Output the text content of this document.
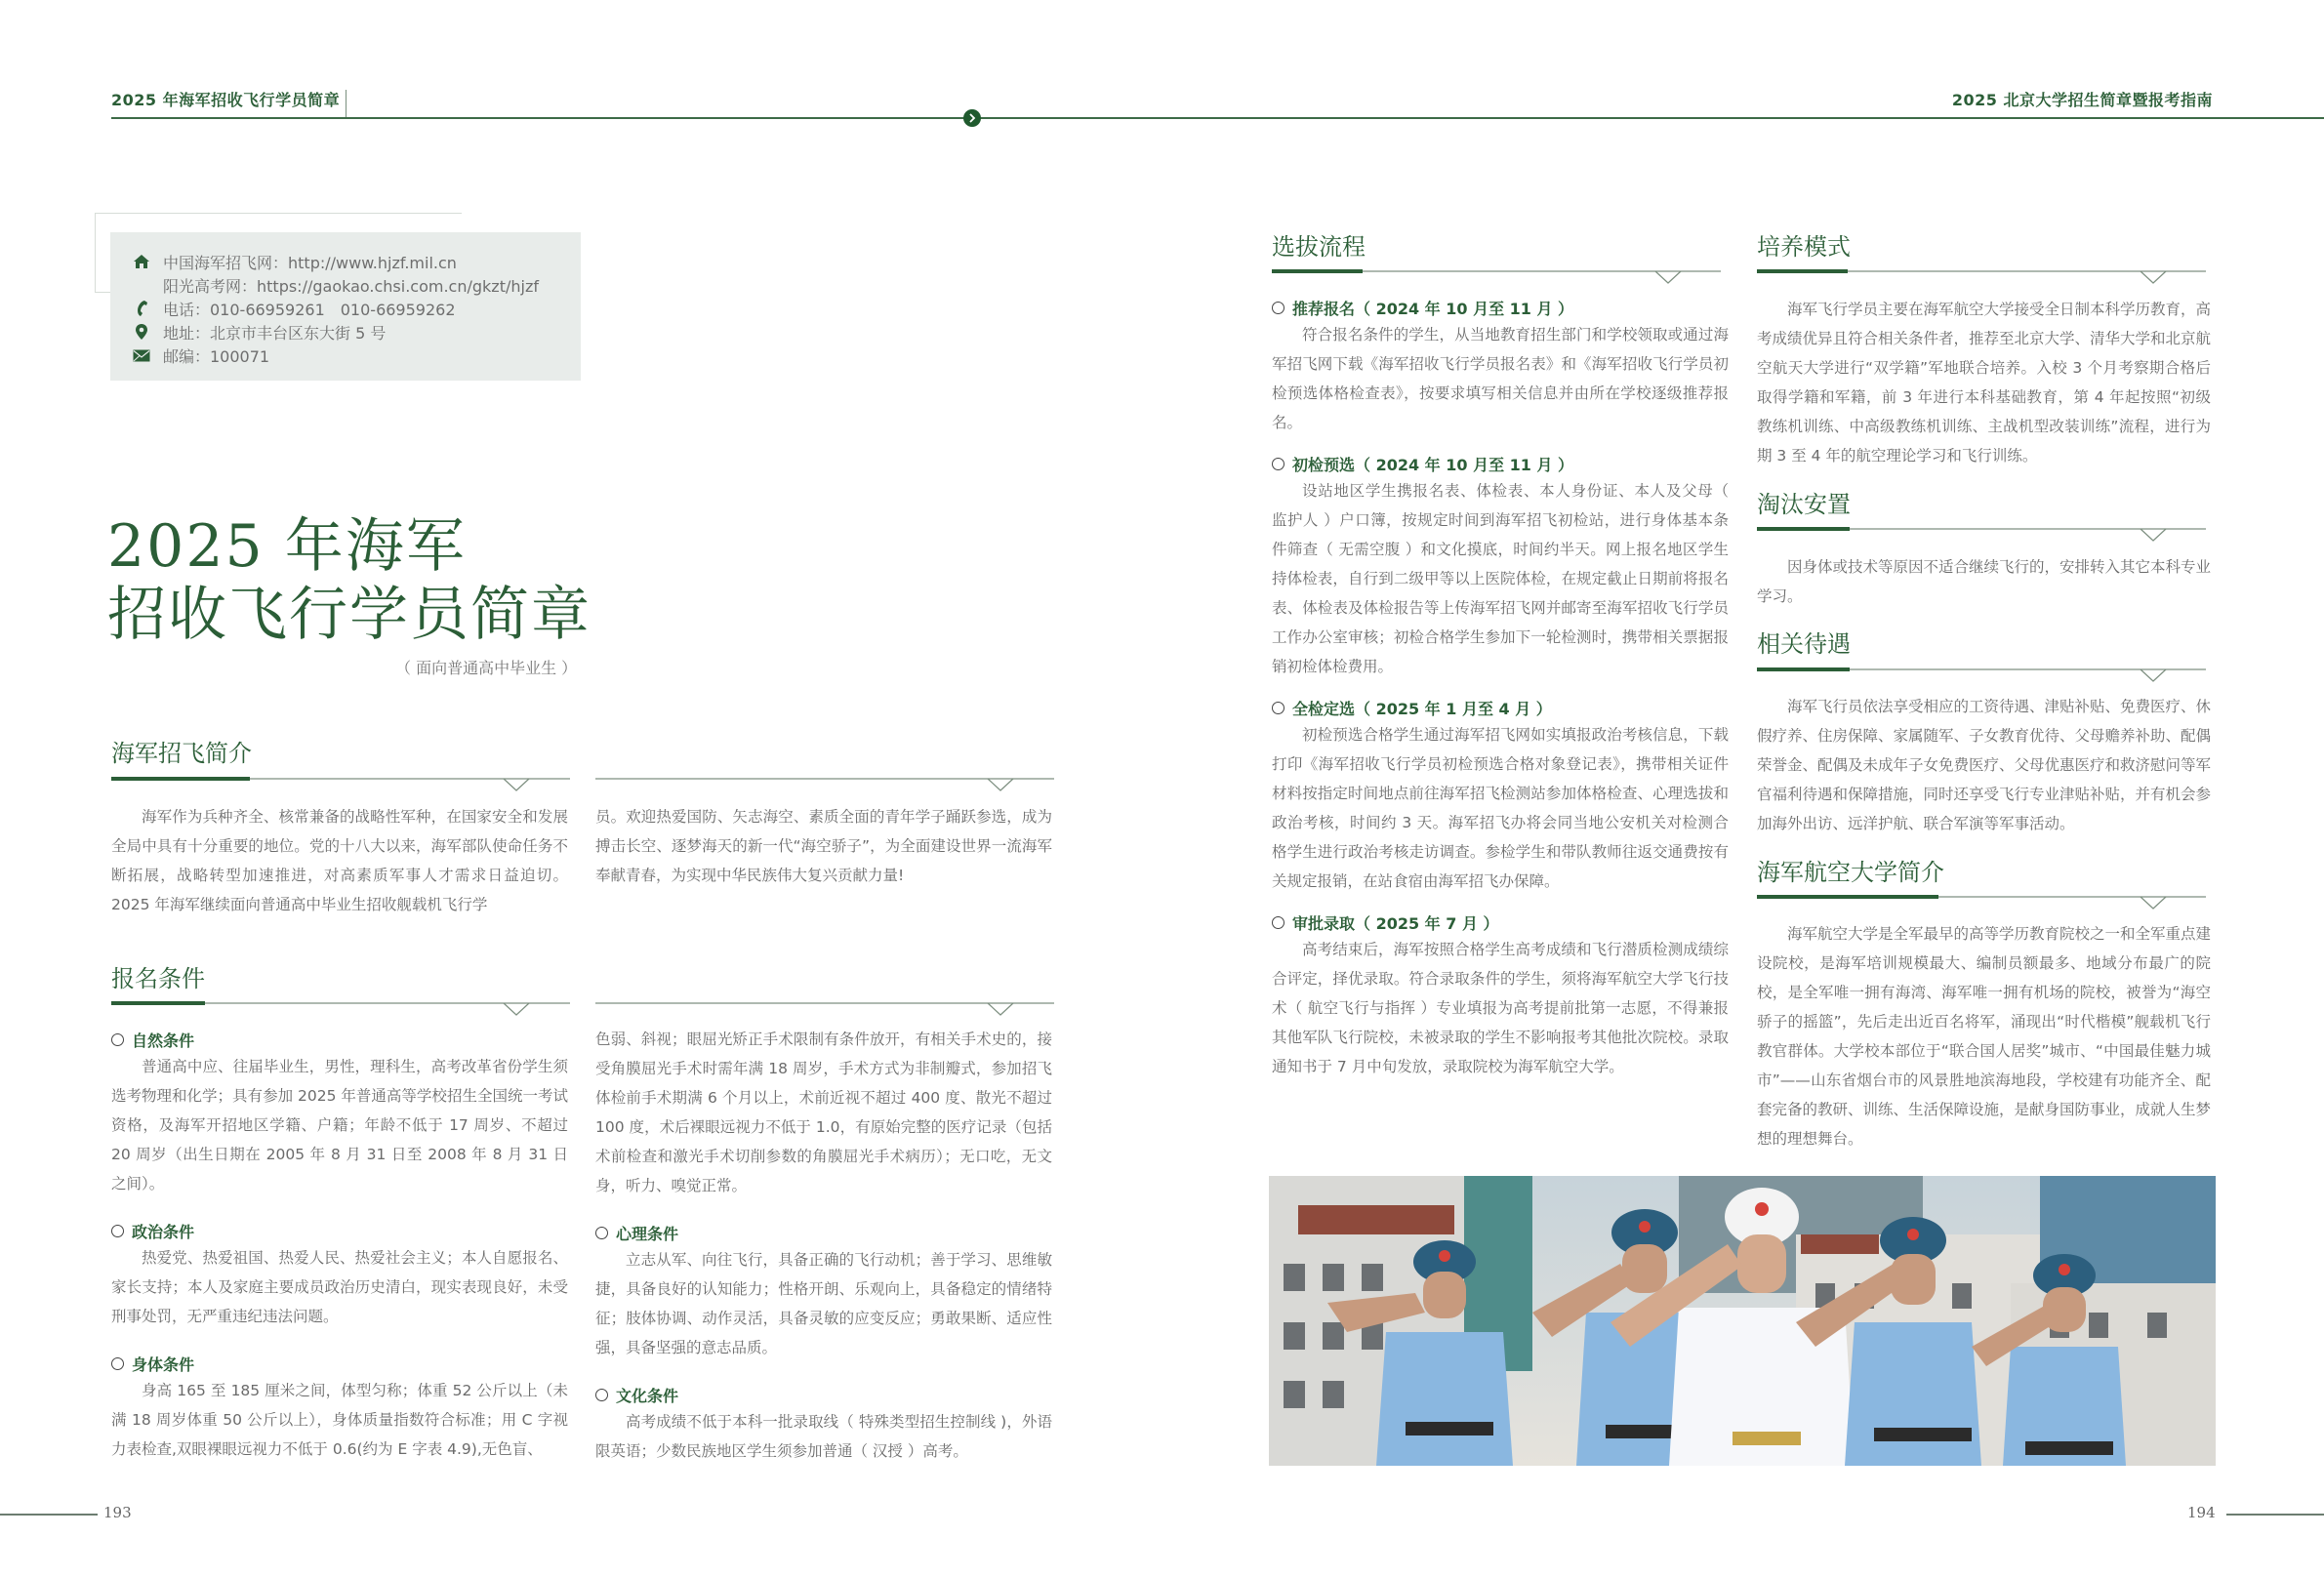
2025 年海军招收飞行学员简章	2025 北京大学招生简章暨报考指南
中国海军招飞网：http://www.hjzf.mil.cn
阳光高考网：https://gaokao.chsi.com.cn/gkzt/hjzf
电话：010-66959261　010-66959262
地址：北京市丰台区东大街 5 号
邮编：100071
2025 年海军
招收飞行学员简章
（ 面向普通高中毕业生 ）
海军招飞简介
海军作为兵种齐全、核常兼备的战略性军种，在国家安全和发展全局中具有十分重要的地位。党的十八大以来，海军部队使命任务不断拓展，战略转型加速推进，对高素质军事人才需求日益迫切。2025 年海军继续面向普通高中毕业生招收舰载机飞行学
员。欢迎热爱国防、矢志海空、素质全面的青年学子踊跃参选，成为搏击长空、逐梦海天的新一代“海空骄子”，为全面建设世界一流海军奉献青春，为实现中华民族伟大复兴贡献力量!
报名条件
自然条件
普通高中应、往届毕业生，男性，理科生，高考改革省份学生须选考物理和化学；具有参加 2025 年普通高等学校招生全国统一考试资格，及海军开招地区学籍、户籍；年龄不低于 17 周岁、不超过 20 周岁（出生日期在 2005 年 8 月 31 日至 2008 年 8 月 31 日之间）。
政治条件
热爱党、热爱祖国、热爱人民、热爱社会主义；本人自愿报名、家长支持；本人及家庭主要成员政治历史清白，现实表现良好，未受刑事处罚，无严重违纪违法问题。
身体条件
身高 165 至 185 厘米之间，体型匀称；体重 52 公斤以上（未满 18 周岁体重 50 公斤以上），身体质量指数符合标准；用 C 字视力表检查,双眼裸眼远视力不低于 0.6(约为 E 字表 4.9),无色盲、
色弱、斜视；眼屈光矫正手术限制有条件放开，有相关手术史的，接受角膜屈光手术时需年满 18 周岁，手术方式为非制瓣式，参加招飞体检前手术期满 6 个月以上，术前近视不超过 400 度、散光不超过 100 度，术后裸眼远视力不低于 1.0，有原始完整的医疗记录（包括术前检查和激光手术切削参数的角膜屈光手术病历）；无口吃，无文身，听力、嗅觉正常。
心理条件
立志从军、向往飞行，具备正确的飞行动机；善于学习、思维敏捷，具备良好的认知能力；性格开朗、乐观向上，具备稳定的情绪特征；肢体协调、动作灵活，具备灵敏的应变反应；勇敢果断、适应性强，具备坚强的意志品质。
文化条件
高考成绩不低于本科一批录取线（ 特殊类型招生控制线 )，外语限英语；少数民族地区学生须参加普通（ 汉授 ）高考。
选拔流程
推荐报名（ 2024 年 10 月至 11 月 ）
符合报名条件的学生，从当地教育招生部门和学校领取或通过海军招飞网下载《海军招收飞行学员报名表》和《海军招收飞行学员初检预选体格检查表》，按要求填写相关信息并由所在学校逐级推荐报名。
初检预选（ 2024 年 10 月至 11 月 ）
设站地区学生携报名表、体检表、本人身份证、本人及父母（ 监护人 ）户口簿，按规定时间到海军招飞初检站，进行身体基本条件筛查（ 无需空腹 ）和文化摸底，时间约半天。网上报名地区学生持体检表，自行到二级甲等以上医院体检，在规定截止日期前将报名表、体检表及体检报告等上传海军招飞网并邮寄至海军招收飞行学员工作办公室审核；初检合格学生参加下一轮检测时，携带相关票据报销初检体检费用。
全检定选（ 2025 年 1 月至 4 月 ）
初检预选合格学生通过海军招飞网如实填报政治考核信息，下载打印《海军招收飞行学员初检预选合格对象登记表》，携带相关证件材料按指定时间地点前往海军招飞检测站参加体格检查、心理选拔和政治考核，时间约 3 天。海军招飞办将会同当地公安机关对检测合格学生进行政治考核走访调查。参检学生和带队教师往返交通费按有关规定报销，在站食宿由海军招飞办保障。
审批录取（ 2025 年 7 月 ）
高考结束后，海军按照合格学生高考成绩和飞行潜质检测成绩综合评定，择优录取。符合录取条件的学生，须将海军航空大学飞行技术（ 航空飞行与指挥 ）专业填报为高考提前批第一志愿，不得兼报其他军队飞行院校，未被录取的学生不影响报考其他批次院校。录取通知书于 7 月中旬发放，录取院校为海军航空大学。
培养模式
海军飞行学员主要在海军航空大学接受全日制本科学历教育，高考成绩优异且符合相关条件者，推荐至北京大学、清华大学和北京航空航天大学进行“双学籍”军地联合培养。入校 3 个月考察期合格后取得学籍和军籍，前 3 年进行本科基础教育，第 4 年起按照“初级教练机训练、中高级教练机训练、主战机型改装训练”流程，进行为期 3 至 4 年的航空理论学习和飞行训练。
淘汰安置
因身体或技术等原因不适合继续飞行的，安排转入其它本科专业学习。
相关待遇
海军飞行员依法享受相应的工资待遇、津贴补贴、免费医疗、休假疗养、住房保障、家属随军、子女教育优待、父母赡养补助、配偶荣誉金、配偶及未成年子女免费医疗、父母优惠医疗和救济慰问等军官福利待遇和保障措施，同时还享受飞行专业津贴补贴，并有机会参加海外出访、远洋护航、联合军演等军事活动。
海军航空大学简介
海军航空大学是全军最早的高等学历教育院校之一和全军重点建设院校，是海军培训规模最大、编制员额最多、地域分布最广的院校，是全军唯一拥有海湾、海军唯一拥有机场的院校，被誉为“海空骄子的摇篮”，先后走出近百名将军，涌现出“时代楷模”舰载机飞行教官群体。大学校本部位于“联合国人居奖”城市、“中国最佳魅力城市”——山东省烟台市的风景胜地滨海地段，学校建有功能齐全、配套完备的教研、训练、生活保障设施，是献身国防事业，成就人生梦想的理想舞台。
193	194
